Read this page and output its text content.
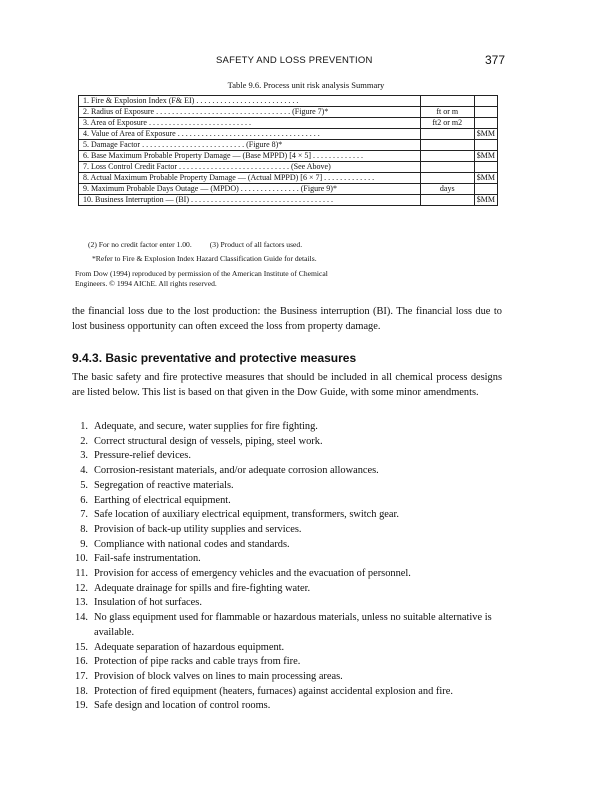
SAFETY AND LOSS PREVENTION	377
Table 9.6. Process unit risk analysis Summary
1. Fire & Explosion Index (F& EI) . . . . . . . . . . . . . . . . . . . . . . . . . .		
2. Radius of Exposure . . . . . . . . . . . . . . . . . . . . . . . . . . . . . . . . . . (Figure 7)*	ft or m	
3. Area of Exposure . . . . . . . . . . . . . . . . . . . . . . . . . .	ft2 or m2	
4. Value of Area of Exposure . . . . . . . . . . . . . . . . . . . . . . . . . . . . . . . . . . . .		$MM
5. Damage Factor . . . . . . . . . . . . . . . . . . . . . . . . . . (Figure 8)*		
6. Base Maximum Probable Property Damage — (Base MPPD) [4 × 5] . . . . . . . . . . . . .		$MM
7. Loss Control Credit Factor . . . . . . . . . . . . . . . . . . . . . . . . . . . . (See Above)		
8. Actual Maximum Probable Property Damage — (Actual MPPD) [6 × 7] . . . . . . . . . . . . .		$MM
9. Maximum Probable Days Outage — (MPDO) . . . . . . . . . . . . . . . (Figure 9)*	days	
10. Business Interruption — (BI) . . . . . . . . . . . . . . . . . . . . . . . . . . . . . . . . . . . .		$MM
(2) For no credit factor enter 1.00. (3) Product of all factors used.
*Refer to Fire & Explosion Index Hazard Classification Guide for details.
From Dow (1994) reproduced by permission of the American Institute of Chemical
Engineers. © 1994 AIChE. All rights reserved.
the financial loss due to the lost production: the Business interruption (BI). The financial loss due to lost business opportunity can often exceed the loss from property damage.
9.4.3. Basic preventative and protective measures
The basic safety and fire protective measures that should be included in all chemical process designs are listed below. This list is based on that given in the Dow Guide, with some minor amendments.
1. Adequate, and secure, water supplies for fire fighting.
2. Correct structural design of vessels, piping, steel work.
3. Pressure-relief devices.
4. Corrosion-resistant materials, and/or adequate corrosion allowances.
5. Segregation of reactive materials.
6. Earthing of electrical equipment.
7. Safe location of auxiliary electrical equipment, transformers, switch gear.
8. Provision of back-up utility supplies and services.
9. Compliance with national codes and standards.
10. Fail-safe instrumentation.
11. Provision for access of emergency vehicles and the evacuation of personnel.
12. Adequate drainage for spills and fire-fighting water.
13. Insulation of hot surfaces.
14. No glass equipment used for flammable or hazardous materials, unless no suitable alternative is available.
15. Adequate separation of hazardous equipment.
16. Protection of pipe racks and cable trays from fire.
17. Provision of block valves on lines to main processing areas.
18. Protection of fired equipment (heaters, furnaces) against accidental explosion and fire.
19. Safe design and location of control rooms.
